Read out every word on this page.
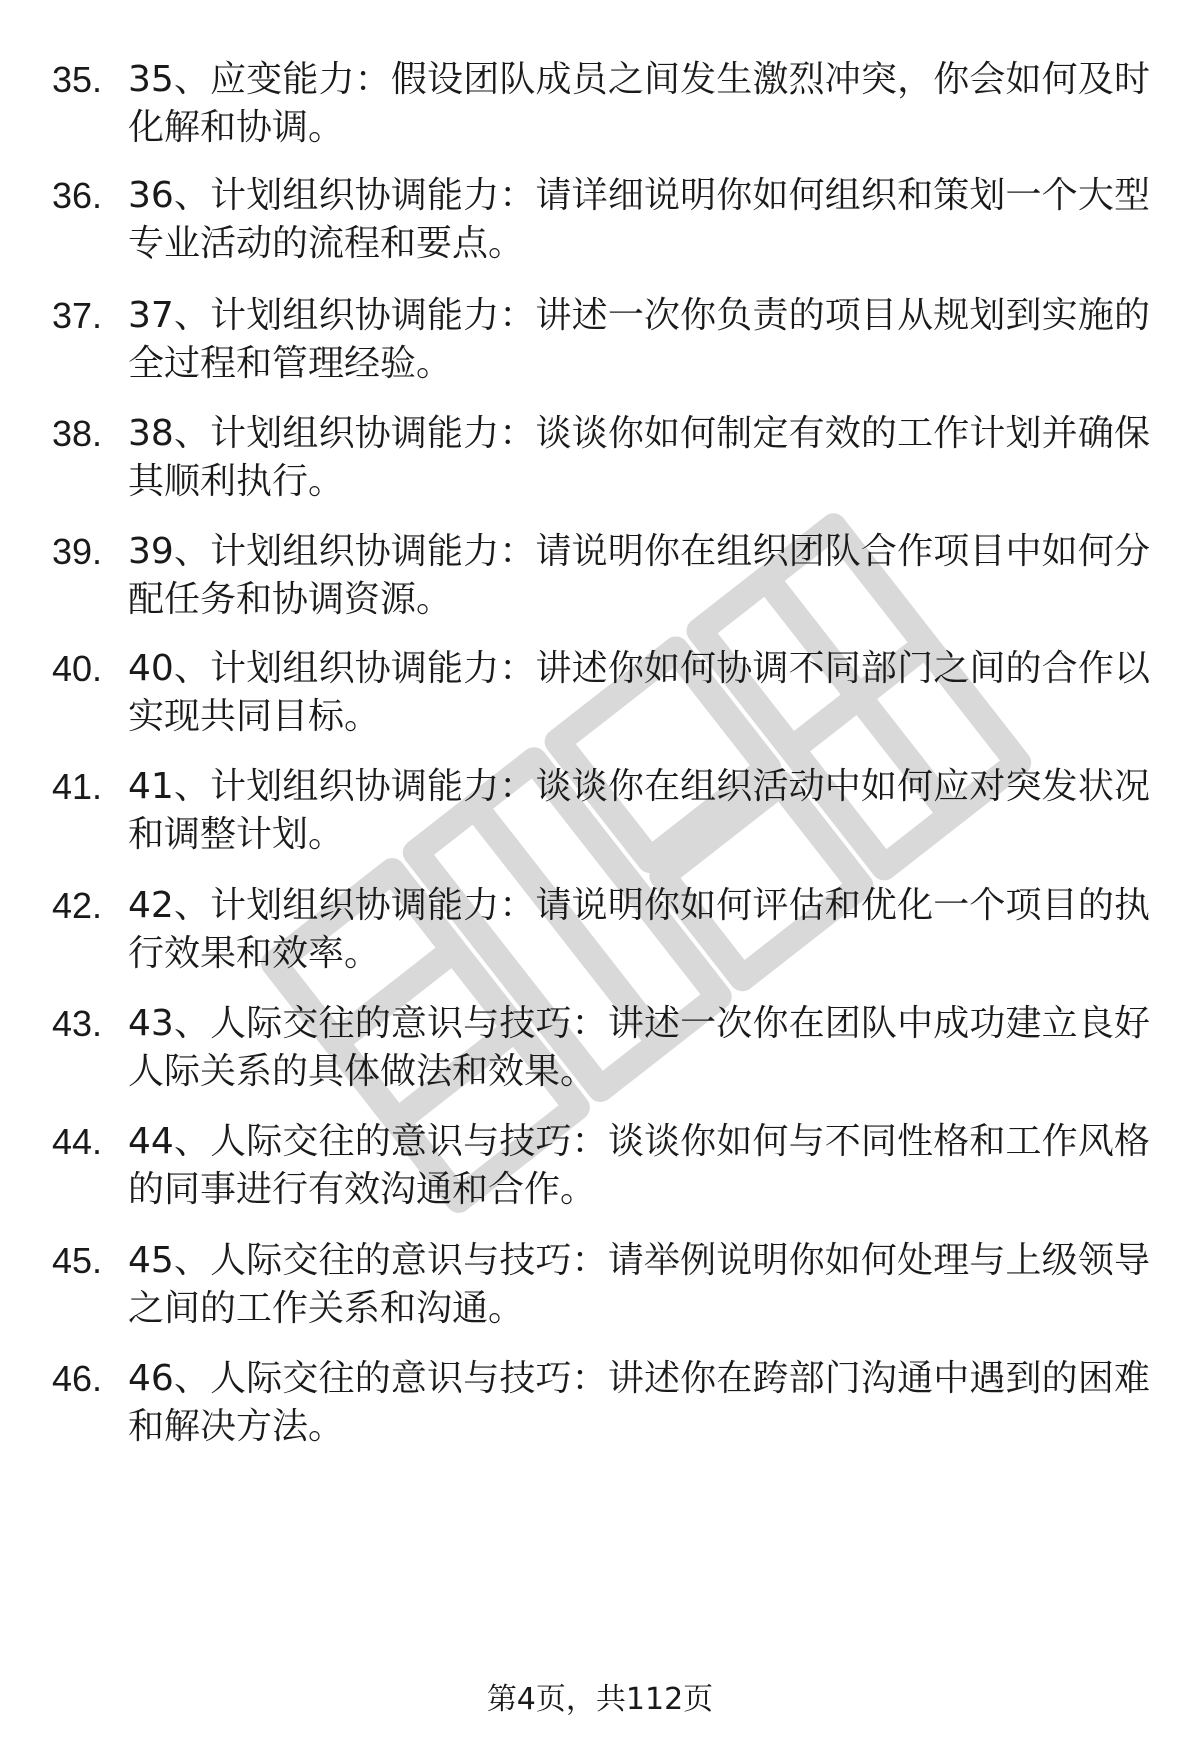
35. 35、应变能力：假设团队成员之间发生激烈冲突，你会如何及时化解和协调。
36. 36、计划组织协调能力：请详细说明你如何组织和策划一个大型专业活动的流程和要点。
37. 37、计划组织协调能力：讲述一次你负责的项目从规划到实施的全过程和管理经验。
38. 38、计划组织协调能力：谈谈你如何制定有效的工作计划并确保其顺利执行。
39. 39、计划组织协调能力：请说明你在组织团队合作项目中如何分配任务和协调资源。
40. 40、计划组织协调能力：讲述你如何协调不同部门之间的合作以实现共同目标。
41. 41、计划组织协调能力：谈谈你在组织活动中如何应对突发状况和调整计划。
42. 42、计划组织协调能力：请说明你如何评估和优化一个项目的执行效果和效率。
43. 43、人际交往的意识与技巧：讲述一次你在团队中成功建立良好人际关系的具体做法和效果。
44. 44、人际交往的意识与技巧：谈谈你如何与不同性格和工作风格的同事进行有效沟通和合作。
45. 45、人际交往的意识与技巧：请举例说明你如何处理与上级领导之间的工作关系和沟通。
46. 46、人际交往的意识与技巧：讲述你在跨部门沟通中遇到的困难和解决方法。
第4页，共112页
